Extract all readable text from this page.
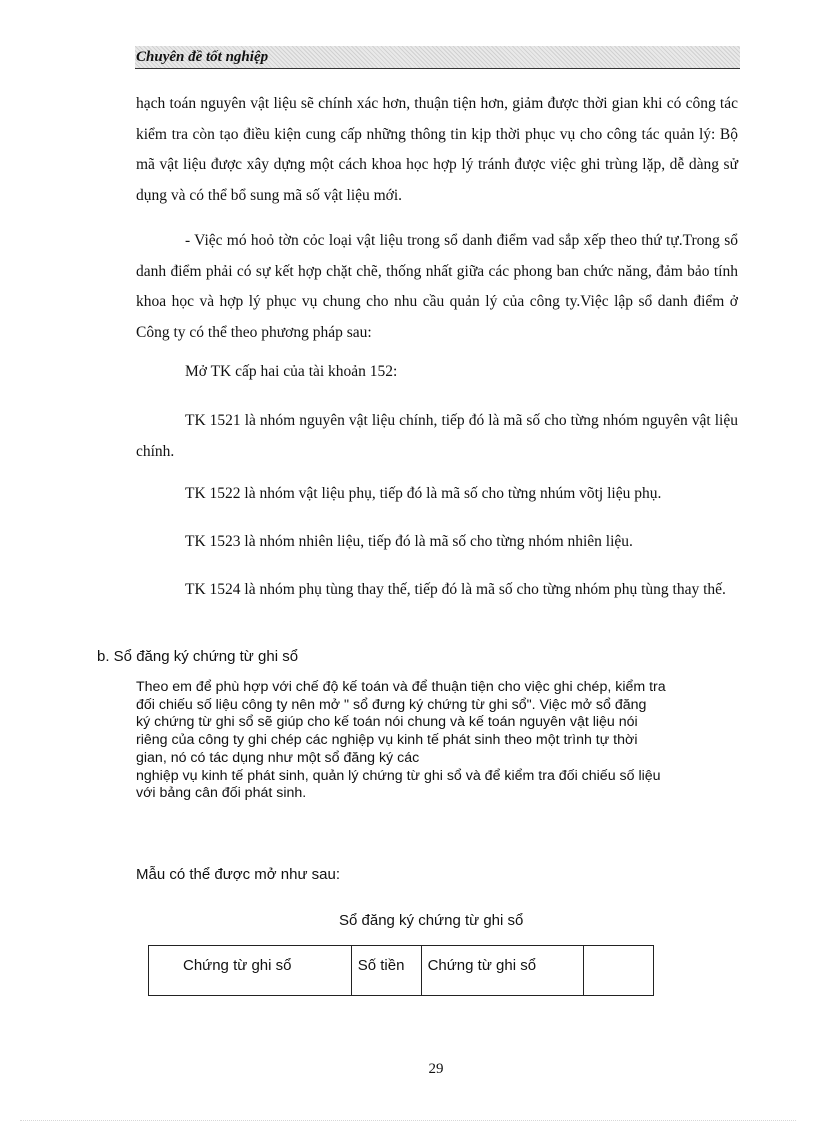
Chuyên đề tốt nghiệp

hạch toán nguyên vật liệu sẽ chính xác hơn, thuận tiện hơn, giảm được thời gian khi có công tác kiểm tra còn tạo điều kiện cung cấp những thông tin kịp thời phục vụ cho công tác quản lý: Bộ mã vật liệu được xây dựng một cách khoa học hợp lý tránh được việc ghi trùng lặp, dễ dàng sử dụng và có thể bổ sung mã số vật liệu mới.

- Việc mó hoỏ tờn cỏc loại vật liệu trong sổ danh điểm vad sắp xếp theo thứ tự.Trong sổ danh điểm phải có sự kết hợp chặt chẽ, thống nhất giữa các phong ban chức năng, đảm bảo tính khoa học và hợp lý phục vụ chung cho nhu cầu quản lý của công ty.Việc lập sổ danh điểm ở Công ty có thể theo phương pháp sau:

Mở TK cấp hai của tài khoản 152:

TK 1521 là nhóm nguyên vật liệu chính, tiếp đó là mã số cho từng nhóm nguyên vật liệu chính.

TK 1522 là nhóm vật liệu phụ, tiếp đó là mã số cho từng nhúm võtj liệu phụ.
TK 1523 là nhóm nhiên liệu, tiếp đó là mã số cho từng nhóm nhiên liệu.

TK 1524 là nhóm phụ tùng thay thế, tiếp đó là mã số cho từng nhóm phụ tùng thay thế.

b. Sổ đăng ký chứng từ ghi sổ
Theo em để phù hợp với chế độ kế toán và để thuận tiện cho việc ghi chép, kiểm tra
đối chiếu số liệu công ty nên mở " sổ đưng ký chứng từ ghi sổ". Việc mở sổ đăng
ký chứng từ ghi sổ sẽ giúp cho kế toán nói chung và kế toán nguyên vật liệu nói
riêng của công ty ghi chép các nghiệp vụ kinh tế phát sinh theo một trình tự thời
gian, nó có tác dụng như một sổ đăng ký các
nghiệp vụ kinh tế phát sinh, quản lý chứng từ ghi sổ và để kiểm tra đối chiếu số liệu
với bảng cân đối phát sinh.
Mẫu có thể được mở như sau:
Sổ đăng ký chứng từ ghi sổ
Chứng từ ghi sổ	Số tiền	Chứng từ ghi sổ	
29
